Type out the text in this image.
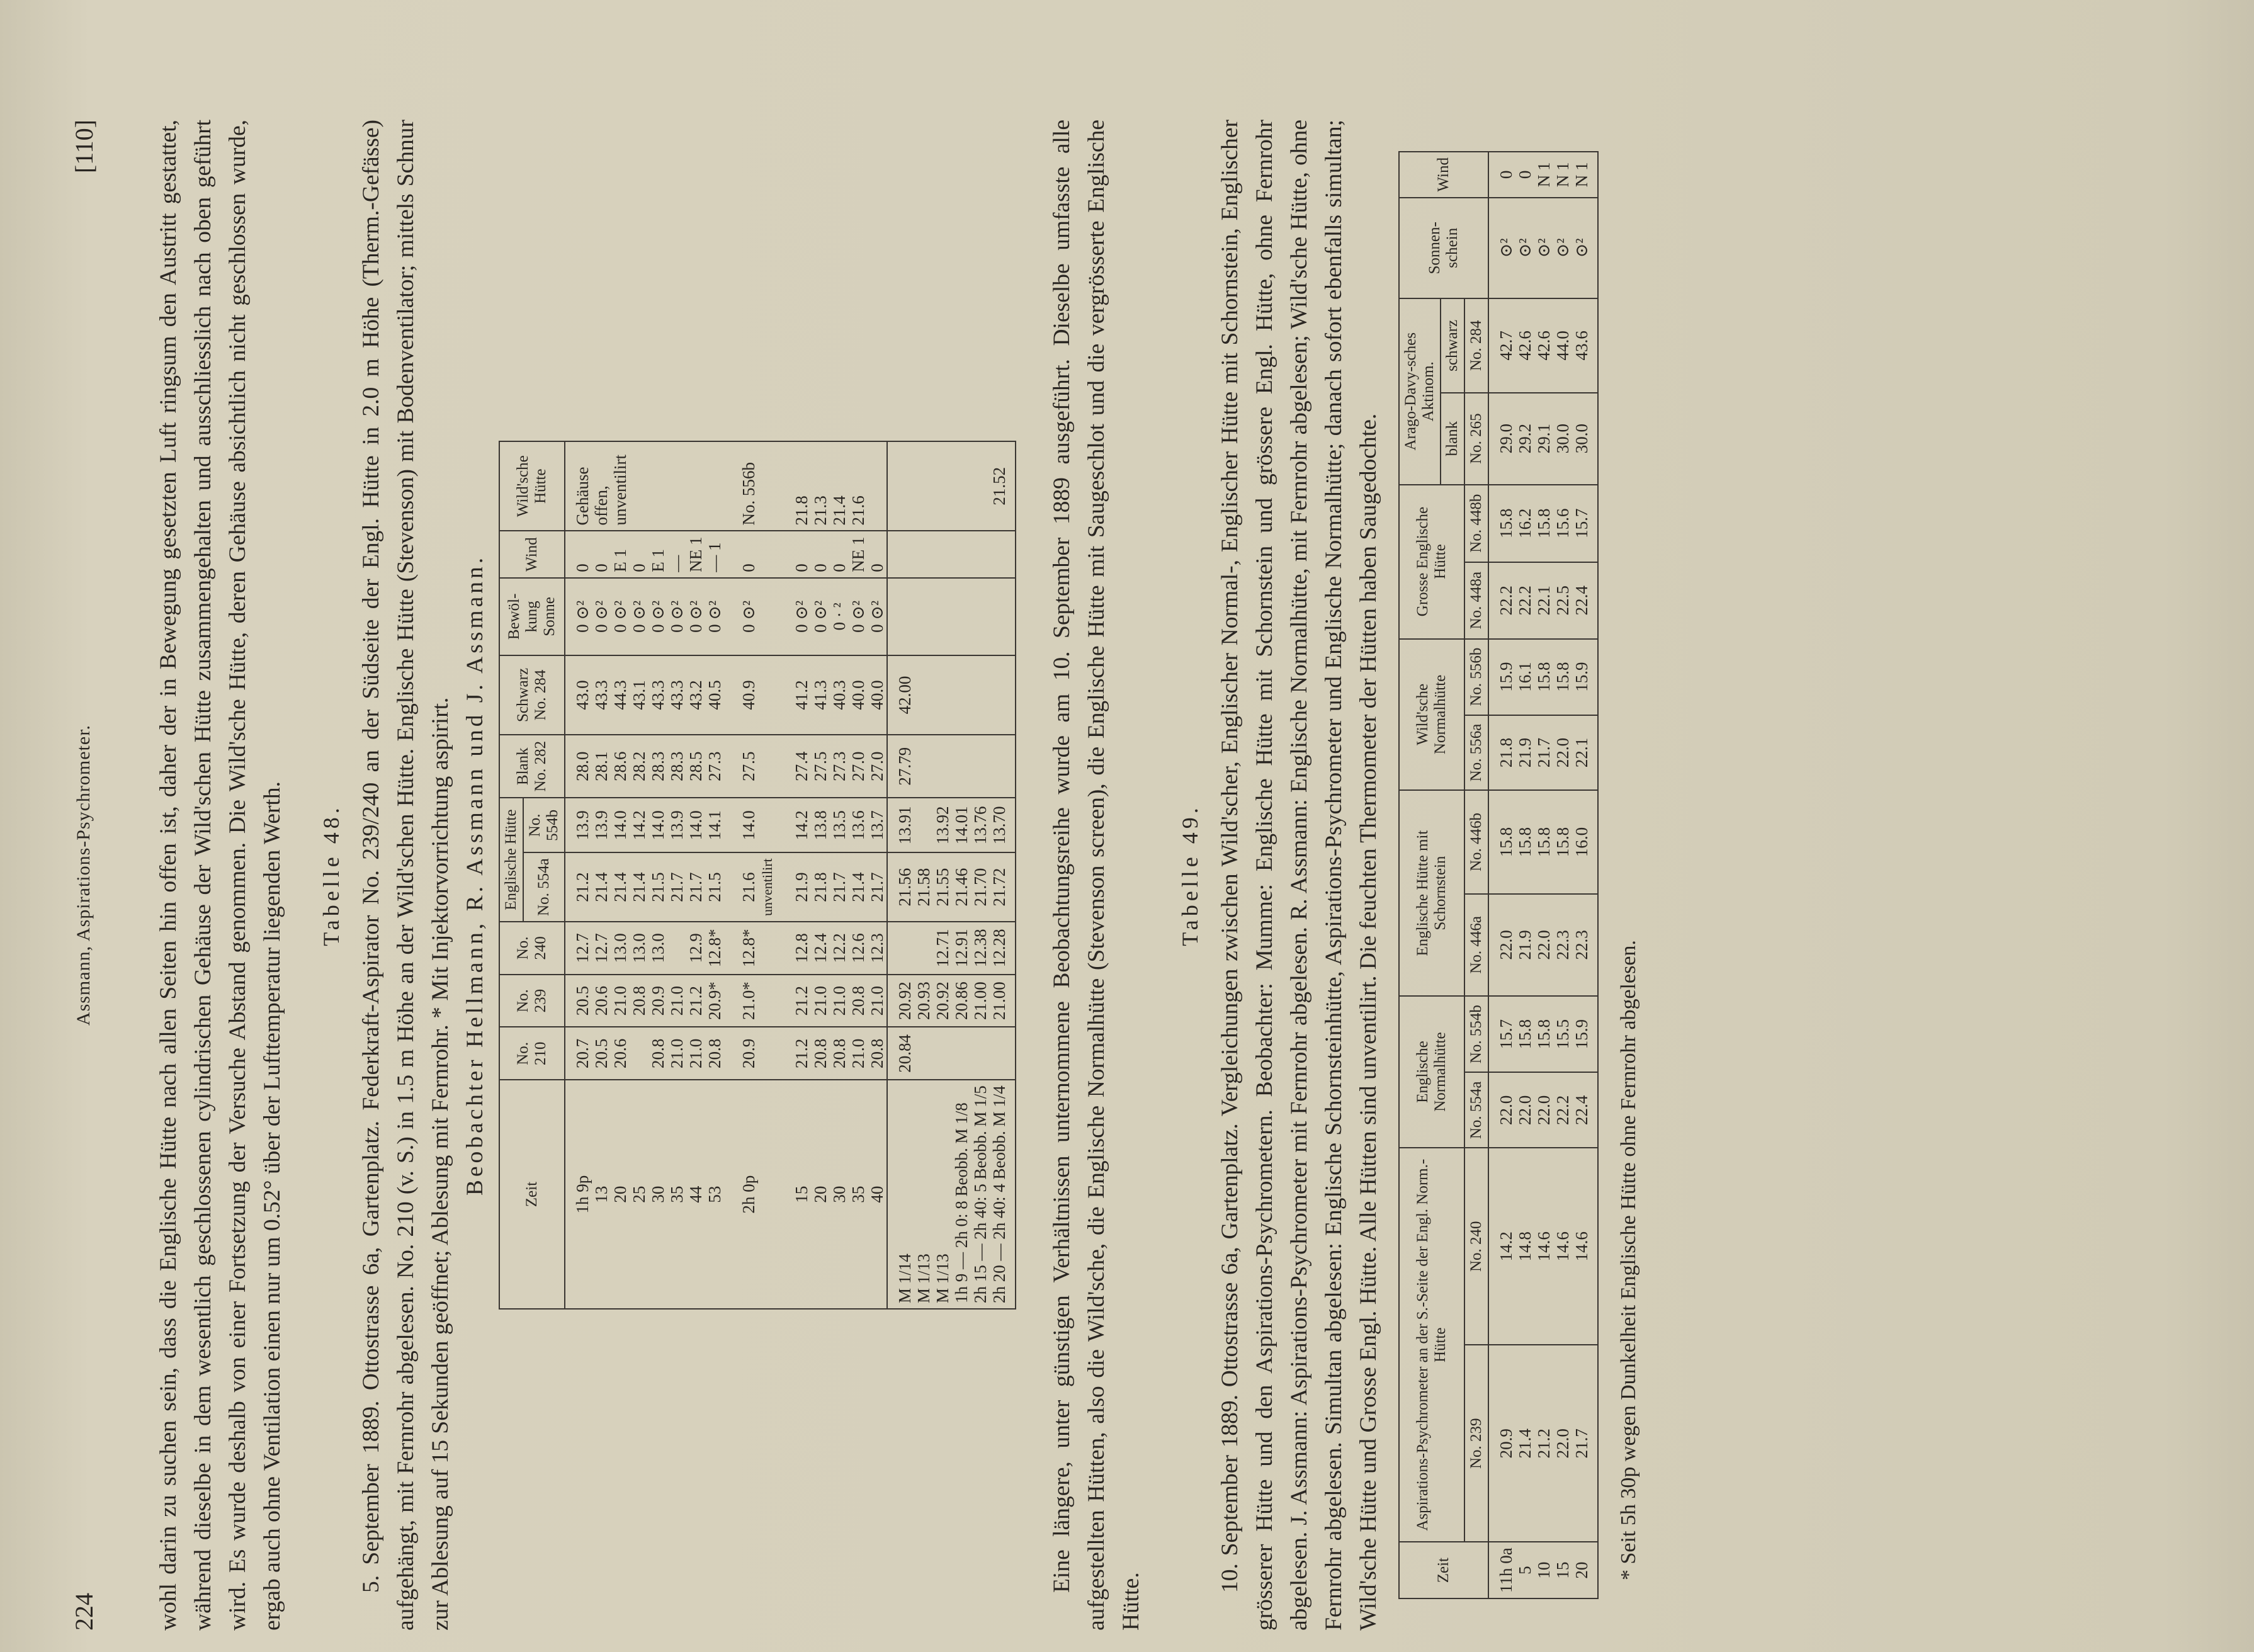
224
Assmann, Aspirations-Psychrometer.
[110] wohl darin zu suchen sein, dass die Englische Hütte nach allen Seiten hin offen ist, daher der in Bewegung gesetzten Luft ringsum den Austritt gestattet, während dieselbe in dem wesentlich geschlossenen cylindrischen Gehäuse der Wild'schen Hütte zusammengehalten und ausschliesslich nach oben geführt wird. Es wurde deshalb von einer Fortsetzung der Versuche Abstand genommen. Die Wild'sche Hütte, deren Gehäuse absichtlich nicht geschlossen wurde, ergab auch ohne Ventilation einen nur um 0.52° über der Lufttemperatur liegenden Werth. Tabelle 48. 5. September 1889. Ottostrasse 6a, Gartenplatz. Federkraft-Aspirator No. 239/240 an der Südseite der Engl. Hütte in 2.0 m Höhe (Therm.-Gefässe) aufgehängt, mit Fernrohr abgelesen. No. 210 (v. S.) in 1.5 m Höhe an der Wild'schen Hütte. Englische Hütte (Stevenson) mit Bodenventilator; mittels Schnur zur Ablesung auf 15 Sekunden geöffnet; Ablesung mit Fernrohr. * Mit Injektorvorrichtung aspirirt. Beobachter Hellmann, R. Assmann und J. Assmann. Zeit	No. 210	No. 239	No. 240	Englische Hütte		Blank No. 282	Schwarz No. 284	Bewöl- kung Sonne	Wind	Wild'sche Hütte
				No. 554a	No. 554b					
1h 9p	20.7	20.5	12.7	21.2	13.9	28.0	43.0	0 ⊙²	0	Gehäuse
13	20.5	20.6	12.7	21.4	13.9	28.1	43.3	0 ⊙²	0	offen,
20	20.6	21.0	13.0	21.4	14.0	28.6	44.3	0 ⊙²	E 1	unventilirt
25		20.8	13.0	21.4	14.2	28.2	43.1	0 ⊙²	0	
30	20.8	20.9	13.0	21.5	14.0	28.3	43.3	0 ⊙²	E 1	
35	21.0	21.0		21.7	13.9	28.3	43.3	0 ⊙²	—	
44	21.0	21.2	12.9	21.7	14.0	28.5	43.2	0 ⊙²	NE 1	
53	20.8	20.9*	12.8*	21.5	14.1	27.3	40.5	0 ⊙²	— 1	
2h 0p	20.9	21.0*	12.8*	21.6	14.0	27.5	40.9	0 ⊙²	0	No. 556b
				unventilirt						
15	21.2	21.2	12.8	21.9	14.2	27.4	41.2	0 ⊙²	0	21.8
20	20.8	21.0	12.4	21.8	13.8	27.5	41.3	0 ⊙²	0	21.3
30	20.8	21.0	12.2	21.7	13.5	27.3	40.3	0 · ²	0	21.4
35	21.0	20.8	12.6	21.4	13.6	27.0	40.0	0 ⊙²	NE 1	21.6
40	20.8	21.0	12.3	21.7	13.7	27.0	40.0	0 ⊙²	0	
M 1/14	20.84	20.92		21.56	13.91	27.79	42.00			
M 1/13		20.93		21.58						
M 1/13		20.92	12.71	21.55	13.92					
1h 9 — 2h 0: 8 Beobb. M 1/8		20.86	12.91	21.46	14.01					
2h 15 — 2h 40: 5 Beobb. M 1/5		21.00	12.38	21.70	13.76					
2h 20 — 2h 40: 4 Beobb. M 1/4		21.00	12.28	21.72	13.70					21.52 Eine längere, unter günstigen Verhältnissen unternommene Beobachtungsreihe wurde am 10. September 1889 ausgeführt. Dieselbe umfasste alle aufgestellten Hütten, also die Wild'sche, die Englische Normalhütte (Stevenson screen), die Englische Hütte mit Saugeschlot und die vergrösserte Englische Hütte.

Tabelle 49. 10. September 1889. Ottostrasse 6a, Gartenplatz. Vergleichungen zwischen Wild'scher, Englischer Normal-, Englischer Hütte mit Schornstein, Englischer grösserer Hütte und den Aspirations-Psychrometern. Beobachter: Mumme: Englische Hütte mit Schornstein und grössere Engl. Hütte, ohne Fernrohr abgelesen. J. Assmann: Aspirations-Psychrometer mit Fernrohr abgelesen. R. Assmann: Englische Normalhütte, mit Fernrohr abgelesen; Wild'sche Hütte, ohne Fernrohr abgelesen. Simultan abgelesen: Englische Schornsteinhütte, Aspirations-Psychrometer und Englische Normalhütte; danach sofort ebenfalls simultan; Wild'sche Hütte und Grosse Engl. Hütte. Alle Hütten sind unventilirt. Die feuchten Thermometer der Hütten haben Saugedochte.	Zeit	Aspirations-Psychrometer an der S.-Seite der Engl. Norm.-Hütte		Englische Normalhütte		Englische Hütte mit Schornstein		Wild'sche Normalhütte		Grosse Englische Hütte		Arago-Davy-sches Aktinom.		Sonnen-schein	Wind
											blank	schwarz		
	No. 239	No. 240	No. 554a	No. 554b	No. 446a	No. 446b	No. 556a	No. 556b	No. 448a	No. 448b	No. 265	No. 284		
11h 0a	20.9	14.2	22.0	15.7	22.0	15.8	21.8	15.9	22.2	15.8	29.0	42.7	⊙²	0
5	21.4	14.8	22.0	15.8	21.9	15.8	21.9	16.1	22.2	16.2	29.2	42.6	⊙²	0
10	21.2	14.6	22.0	15.8	22.0	15.8	21.7	15.8	22.1	15.8	29.1	42.6	⊙²	N 1
15	22.0	14.6	22.2	15.5	22.3	15.8	22.0	15.8	22.5	15.6	30.0	44.0	⊙²	N 1
20	21.7	14.6	22.4	15.9	22.3	16.0	22.1	15.9	22.4	15.7	30.0	43.6	⊙²	N 1

* Seit 5h 30p wegen Dunkelheit Englische Hütte ohne Fernrohr abgelesen.
